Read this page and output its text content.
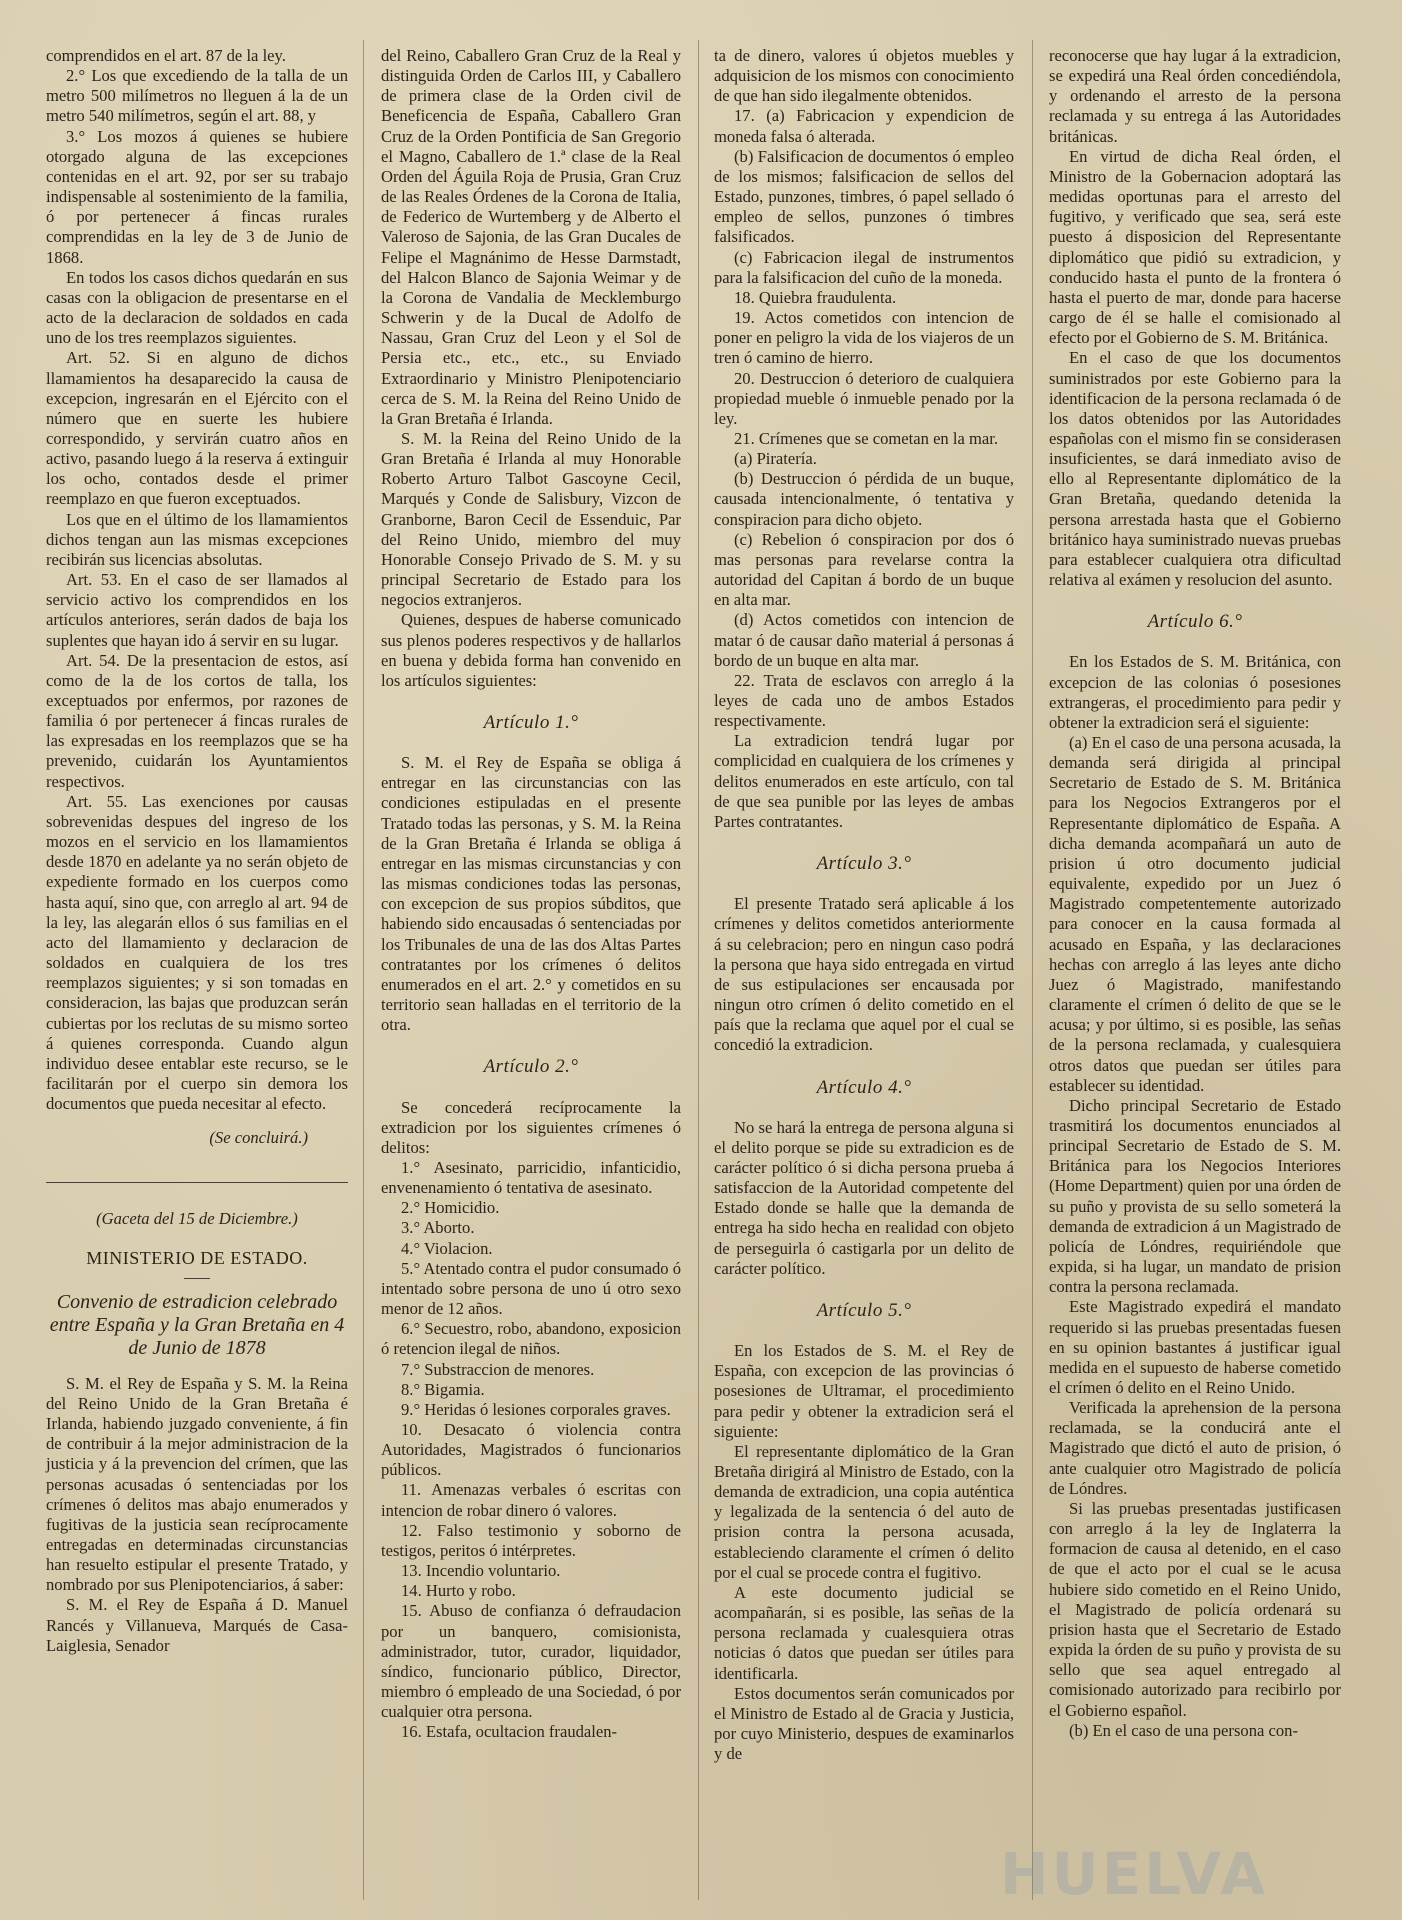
comprendidos en el art. 87 de la ley.

2.° Los que excediendo de la talla de un metro 500 milímetros no lleguen á la de un metro 540 milímetros, según el art. 88, y

3.° Los mozos á quienes se hubiere otorgado alguna de las excepciones contenidas en el art. 92, por ser su trabajo indispensable al sostenimiento de la familia, ó por pertenecer á fincas rurales comprendidas en la ley de 3 de Junio de 1868.

En todos los casos dichos quedarán en sus casas con la obligacion de presentarse en el acto de la declaracion de soldados en cada uno de los tres reemplazos siguientes.

Art. 52. Si en alguno de dichos llamamientos ha desaparecido la causa de excepcion, ingresarán en el Ejército con el número que en suerte les hubiere correspondido, y servirán cuatro años en activo, pasando luego á la reserva á extinguir los ocho, contados desde el primer reemplazo en que fueron exceptuados.

Los que en el último de los llamamientos dichos tengan aun las mismas excepciones recibirán sus licencias absolutas.

Art. 53. En el caso de ser llamados al servicio activo los comprendidos en los artículos anteriores, serán dados de baja los suplentes que hayan ido á servir en su lugar.

Art. 54. De la presentacion de estos, así como de la de los cortos de talla, los exceptuados por enfermos, por razones de familia ó por pertenecer á fincas rurales de las expresadas en los reemplazos que se ha prevenido, cuidarán los Ayuntamientos respectivos.

Art. 55. Las exenciones por causas sobrevenidas despues del ingreso de los mozos en el servicio en los llamamientos desde 1870 en adelante ya no serán objeto de expediente formado en los cuerpos como hasta aquí, sino que, con arreglo al art. 94 de la ley, las alegarán ellos ó sus familias en el acto del llamamiento y declaracion de soldados en cualquiera de los tres reemplazos siguientes; y si son tomadas en consideracion, las bajas que produzcan serán cubiertas por los reclutas de su mismo sorteo á quienes corresponda. Cuando algun individuo desee entablar este recurso, se le facilitarán por el cuerpo sin demora los documentos que pueda necesitar al efecto.

(Se concluirá.)

(Gaceta del 15 de Diciembre.)

MINISTERIO DE ESTADO.

Convenio de estradicion celebrado entre España y la Gran Bretaña en 4 de Junio de 1878

S. M. el Rey de España y S. M. la Reina del Reino Unido de la Gran Bretaña é Irlanda, habiendo juzgado conveniente, á fin de contribuir á la mejor administracion de la justicia y á la prevencion del crímen, que las personas acusadas ó sentenciadas por los crímenes ó delitos mas abajo enumerados y fugitivas de la justicia sean recíprocamente entregadas en determinadas circunstancias han resuelto estipular el presente Tratado, y nombrado por sus Plenipotenciarios, á saber:

S. M. el Rey de España á D. Manuel Rancés y Villanueva, Marqués de Casa-Laiglesia, Senador

del Reino, Caballero Gran Cruz de la Real y distinguida Orden de Carlos III, y Caballero de primera clase de la Orden civil de Beneficencia de España, Caballero Gran Cruz de la Orden Pontificia de San Gregorio el Magno, Caballero de 1.ª clase de la Real Orden del Águila Roja de Prusia, Gran Cruz de las Reales Órdenes de la Corona de Italia, de Federico de Wurtemberg y de Alberto el Valeroso de Sajonia, de las Gran Ducales de Felipe el Magnánimo de Hesse Darmstadt, del Halcon Blanco de Sajonia Weimar y de la Corona de Vandalia de Mecklemburgo Schwerin y de la Ducal de Adolfo de Nassau, Gran Cruz del Leon y el Sol de Persia etc., etc., etc., su Enviado Extraordinario y Ministro Plenipotenciario cerca de S. M. la Reina del Reino Unido de la Gran Bretaña é Irlanda.

S. M. la Reina del Reino Unido de la Gran Bretaña é Irlanda al muy Honorable Roberto Arturo Talbot Gascoyne Cecil, Marqués y Conde de Salisbury, Vizcon de Granborne, Baron Cecil de Essenduic, Par del Reino Unido, miembro del muy Honorable Consejo Privado de S. M. y su principal Secretario de Estado para los negocios extranjeros.

Quienes, despues de haberse comunicado sus plenos poderes respectivos y de hallarlos en buena y debida forma han convenido en los artículos siguientes:

Artículo 1.°

S. M. el Rey de España se obliga á entregar en las circunstancias con las condiciones estipuladas en el presente Tratado todas las personas, y S. M. la Reina de la Gran Bretaña é Irlanda se obliga á entregar en las mismas circunstancias y con las mismas condiciones todas las personas, con excepcion de sus propios súbditos, que habiendo sido encausadas ó sentenciadas por los Tribunales de una de las dos Altas Partes contratantes por los crímenes ó delitos enumerados en el art. 2.° y cometidos en su territorio sean halladas en el territorio de la otra.

Artículo 2.°

Se concederá recíprocamente la extradicion por los siguientes crímenes ó delitos:

1.° Asesinato, parricidio, infanticidio, envenenamiento ó tentativa de asesinato.

2.° Homicidio.

3.° Aborto.

4.° Violacion.

5.° Atentado contra el pudor consumado ó intentado sobre persona de uno ú otro sexo menor de 12 años.

6.° Secuestro, robo, abandono, exposicion ó retencion ilegal de niños.

7.° Substraccion de menores.

8.° Bigamia.

9.° Heridas ó lesiones corporales graves.

10. Desacato ó violencia contra Autoridades, Magistrados ó funcionarios públicos.

11. Amenazas verbales ó escritas con intencion de robar dinero ó valores.

12. Falso testimonio y soborno de testigos, peritos ó intérpretes.

13. Incendio voluntario.

14. Hurto y robo.

15. Abuso de confianza ó defraudacion por un banquero, comisionista, administrador, tutor, curador, liquidador, síndico, funcionario público, Director, miembro ó empleado de una Sociedad, ó por cualquier otra persona.

16. Estafa, ocultacion fraudalen-

ta de dinero, valores ú objetos muebles y adquisicion de los mismos con conocimiento de que han sido ilegalmente obtenidos.

17. (a) Fabricacion y expendicion de moneda falsa ó alterada.

(b) Falsificacion de documentos ó empleo de los mismos; falsificacion de sellos del Estado, punzones, timbres, ó papel sellado ó empleo de sellos, punzones ó timbres falsificados.

(c) Fabricacion ilegal de instrumentos para la falsificacion del cuño de la moneda.

18. Quiebra fraudulenta.

19. Actos cometidos con intencion de poner en peligro la vida de los viajeros de un tren ó camino de hierro.

20. Destruccion ó deterioro de cualquiera propiedad mueble ó inmueble penado por la ley.

21. Crímenes que se cometan en la mar.

(a) Piratería.

(b) Destruccion ó pérdida de un buque, causada intencionalmente, ó tentativa y conspiracion para dicho objeto.

(c) Rebelion ó conspiracion por dos ó mas personas para revelarse contra la autoridad del Capitan á bordo de un buque en alta mar.

(d) Actos cometidos con intencion de matar ó de causar daño material á personas á bordo de un buque en alta mar.

22. Trata de esclavos con arreglo á la leyes de cada uno de ambos Estados respectivamente.

La extradicion tendrá lugar por complicidad en cualquiera de los crímenes y delitos enumerados en este artículo, con tal de que sea punible por las leyes de ambas Partes contratantes.

Artículo 3.°

El presente Tratado será aplicable á los crímenes y delitos cometidos anteriormente á su celebracion; pero en ningun caso podrá la persona que haya sido entregada en virtud de sus estipulaciones ser encausada por ningun otro crímen ó delito cometido en el país que la reclama que aquel por el cual se concedió la extradicion.

Artículo 4.°

No se hará la entrega de persona alguna si el delito porque se pide su extradicion es de carácter político ó si dicha persona prueba á satisfaccion de la Autoridad competente del Estado donde se halle que la demanda de entrega ha sido hecha en realidad con objeto de perseguirla ó castigarla por un delito de carácter político.

Artículo 5.°

En los Estados de S. M. el Rey de España, con excepcion de las provincias ó posesiones de Ultramar, el procedimiento para pedir y obtener la extradicion será el siguiente:

El representante diplomático de la Gran Bretaña dirigirá al Ministro de Estado, con la demanda de extradicion, una copia auténtica y legalizada de la sentencia ó del auto de prision contra la persona acusada, estableciendo claramente el crímen ó delito por el cual se procede contra el fugitivo.

A este documento judicial se acompañarán, si es posible, las señas de la persona reclamada y cualesquiera otras noticias ó datos que puedan ser útiles para identificarla.

Estos documentos serán comunicados por el Ministro de Estado al de Gracia y Justicia, por cuyo Ministerio, despues de examinarlos y de

reconocerse que hay lugar á la extradicion, se expedirá una Real órden concediéndola, y ordenando el arresto de la persona reclamada y su entrega á las Autoridades británicas.

En virtud de dicha Real órden, el Ministro de la Gobernacion adoptará las medidas oportunas para el arresto del fugitivo, y verificado que sea, será este puesto á disposicion del Representante diplomático que pidió su extradicion, y conducido hasta el punto de la frontera ó hasta el puerto de mar, donde para hacerse cargo de él se halle el comisionado al efecto por el Gobierno de S. M. Británica.

En el caso de que los documentos suministrados por este Gobierno para la identificacion de la persona reclamada ó de los datos obtenidos por las Autoridades españolas con el mismo fin se considerasen insuficientes, se dará inmediato aviso de ello al Representante diplomático de la Gran Bretaña, quedando detenida la persona arrestada hasta que el Gobierno británico haya suministrado nuevas pruebas para establecer cualquiera otra dificultad relativa al exámen y resolucion del asunto.

Artículo 6.°

En los Estados de S. M. Británica, con excepcion de las colonias ó posesiones extrangeras, el procedimiento para pedir y obtener la extradicion será el siguiente:

(a) En el caso de una persona acusada, la demanda será dirigida al principal Secretario de Estado de S. M. Británica para los Negocios Extrangeros por el Representante diplomático de España. A dicha demanda acompañará un auto de prision ú otro documento judicial equivalente, expedido por un Juez ó Magistrado competentemente autorizado para conocer en la causa formada al acusado en España, y las declaraciones hechas con arreglo á las leyes ante dicho Juez ó Magistrado, manifestando claramente el crímen ó delito de que se le acusa; y por último, si es posible, las señas de la persona reclamada, y cualesquiera otros datos que puedan ser útiles para establecer su identidad.

Dicho principal Secretario de Estado trasmitirá los documentos enunciados al principal Secretario de Estado de S. M. Británica para los Negocios Interiores (Home Department) quien por una órden de su puño y provista de su sello someterá la demanda de extradicion á un Magistrado de policía de Lóndres, requiriéndole que expida, si ha lugar, un mandato de prision contra la persona reclamada.

Este Magistrado expedirá el mandato requerido si las pruebas presentadas fuesen en su opinion bastantes á justificar igual medida en el supuesto de haberse cometido el crímen ó delito en el Reino Unido.

Verificada la aprehension de la persona reclamada, se la conducirá ante el Magistrado que dictó el auto de prision, ó ante cualquier otro Magistrado de policía de Lóndres.

Si las pruebas presentadas justificasen con arreglo á la ley de Inglaterra la formacion de causa al detenido, en el caso de que el acto por el cual se le acusa hubiere sido cometido en el Reino Unido, el Magistrado de policía ordenará su prision hasta que el Secretario de Estado expida la órden de su puño y provista de su sello que sea aquel entregado al comisionado autorizado para recibirlo por el Gobierno español.

(b) En el caso de una persona con-

HUELVA
